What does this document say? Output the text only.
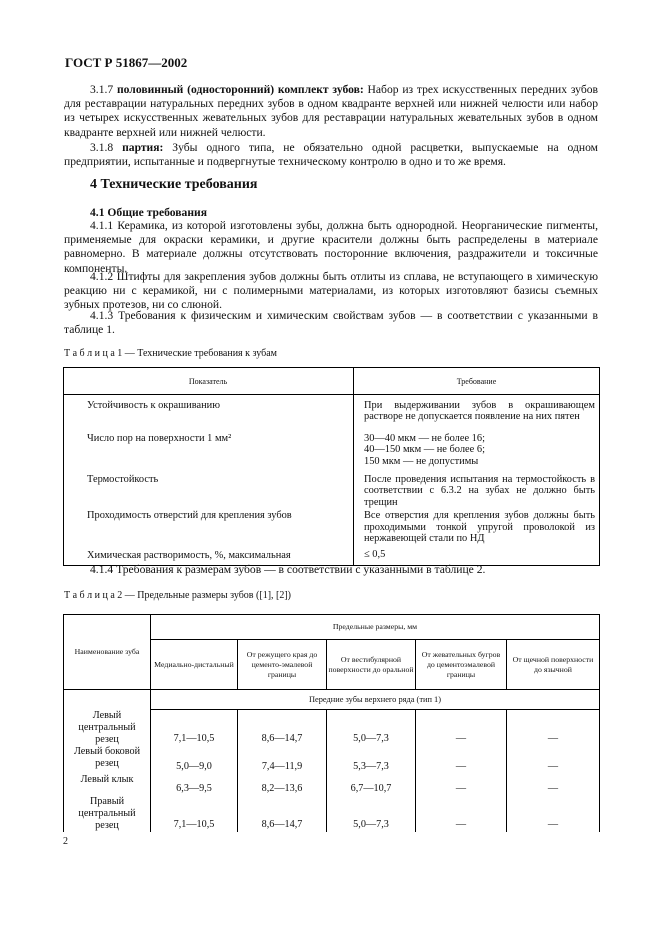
ГОСТ Р 51867—2002
3.1.7 половинный (односторонний) комплект зубов: Набор из трех искусственных передних зубов для реставрации натуральных передних зубов в одном квадранте верхней или нижней челюсти или набор из четырех искусственных жевательных зубов для реставрации натуральных жевательных зубов в одном квадранте верхней или нижней челюсти.
3.1.8 партия: Зубы одного типа, не обязательно одной расцветки, выпускаемые на одном предприятии, испытанные и подвергнутые техническому контролю в одно и то же время.
4 Технические требования
4.1 Общие требования
4.1.1 Керамика, из которой изготовлены зубы, должна быть однородной. Неорганические пигменты, применяемые для окраски керамики, и другие красители должны быть распределены в материале равномерно. В материале должны отсутствовать посторонние включения, раздражители и токсичные компоненты.
4.1.2 Штифты для закрепления зубов должны быть отлиты из сплава, не вступающего в химическую реакцию ни с керамикой, ни с полимерными материалами, из которых изготовляют базисы съемных зубных протезов, ни со слюной.
4.1.3 Требования к физическим и химическим свойствам зубов — в соответствии с указанными в таблице 1.
Т а б л и ц а 1 — Технические требования к зубам
Показатель	Требование
Устойчивость к окрашиванию	При выдерживании зубов в окрашивающем растворе не допускается появление на них пятен
Число пор на поверхности 1 мм²	30—40 мкм — не более 16;
40—150 мкм — не более 6;
150 мкм — не допустимы

Термостойкость	После проведения испытания на термостойкость в соответствии с 6.3.2 на зубах не должно быть трещин
Проходимость отверстий для крепления зубов	Все отверстия для крепления зубов должны быть проходимыми тонкой упругой проволокой из нержавеющей стали по НД
Химическая растворимость, %, максимальная	≤ 0,5
4.1.4 Требования к размерам зубов — в соответствии с указанными в таблице 2.
Т а б л и ц а 2 — Предельные размеры зубов ([1], [2])
Наименование зуба	Предельные размеры, мм				
	Медиально-дистальный	От режущего края до цементо-эмалевой границы	От вестибулярной поверхности до оральной	От жевательных бугров до цементоэмалевой границы	От щечной поверхности до язычной
	Передние зубы верхнего ряда (тип 1)				
Левый центральный резец	7,1—10,5	8,6—14,7	5,0—7,3	—	—
Левый боковой резец	5,0—9,0	7,4—11,9	5,3—7,3	—	—
Левый клык	6,3—9,5	8,2—13,6	6,7—10,7	—	—
Правый центральный резец	7,1—10,5	8,6—14,7	5,0—7,3	—	—
2
